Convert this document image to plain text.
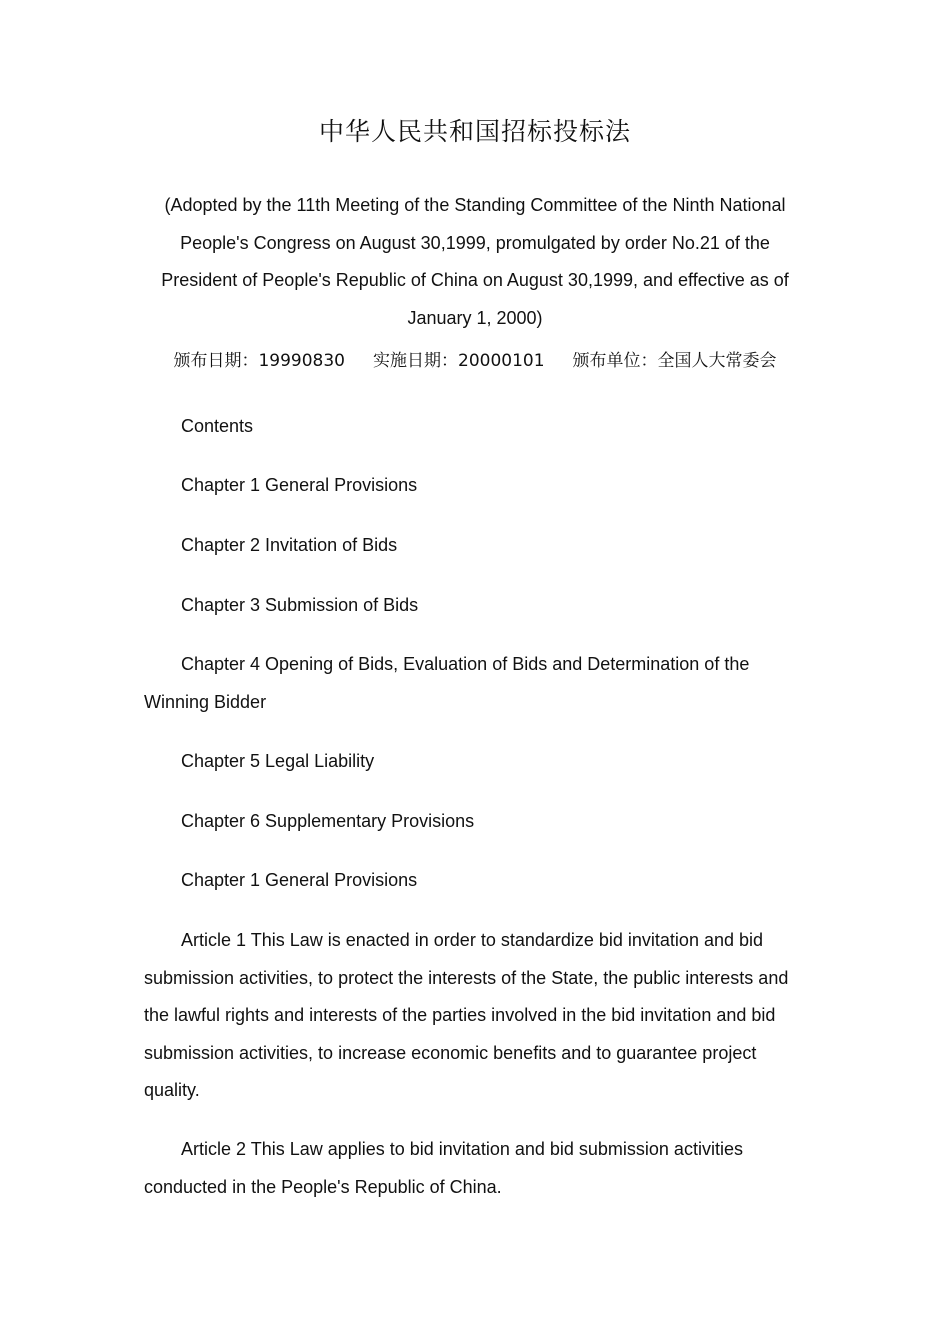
中华人民共和国招标投标法

(Adopted by the 11th Meeting of the Standing Committee of the Ninth National People's Congress on August 30,1999, promulgated by order No.21 of the President of People's Republic of China on August 30,1999, and effective as of January 1, 2000)

颁布日期：19990830 实施日期：20000101 颁布单位：全国人大常委会

Contents

Chapter 1 General Provisions

Chapter 2 Invitation of Bids

Chapter 3 Submission of Bids

Chapter 4 Opening of Bids, Evaluation of Bids and Determination of the Winning Bidder

Chapter 5 Legal Liability

Chapter 6 Supplementary Provisions

Chapter 1 General Provisions

Article 1 This Law is enacted in order to standardize bid invitation and bid submission activities, to protect the interests of the State, the public interests and the lawful rights and interests of the parties involved in the bid invitation and bid submission activities, to increase economic benefits and to guarantee project quality.

Article 2 This Law applies to bid invitation and bid submission activities conducted in the People's Republic of China.
